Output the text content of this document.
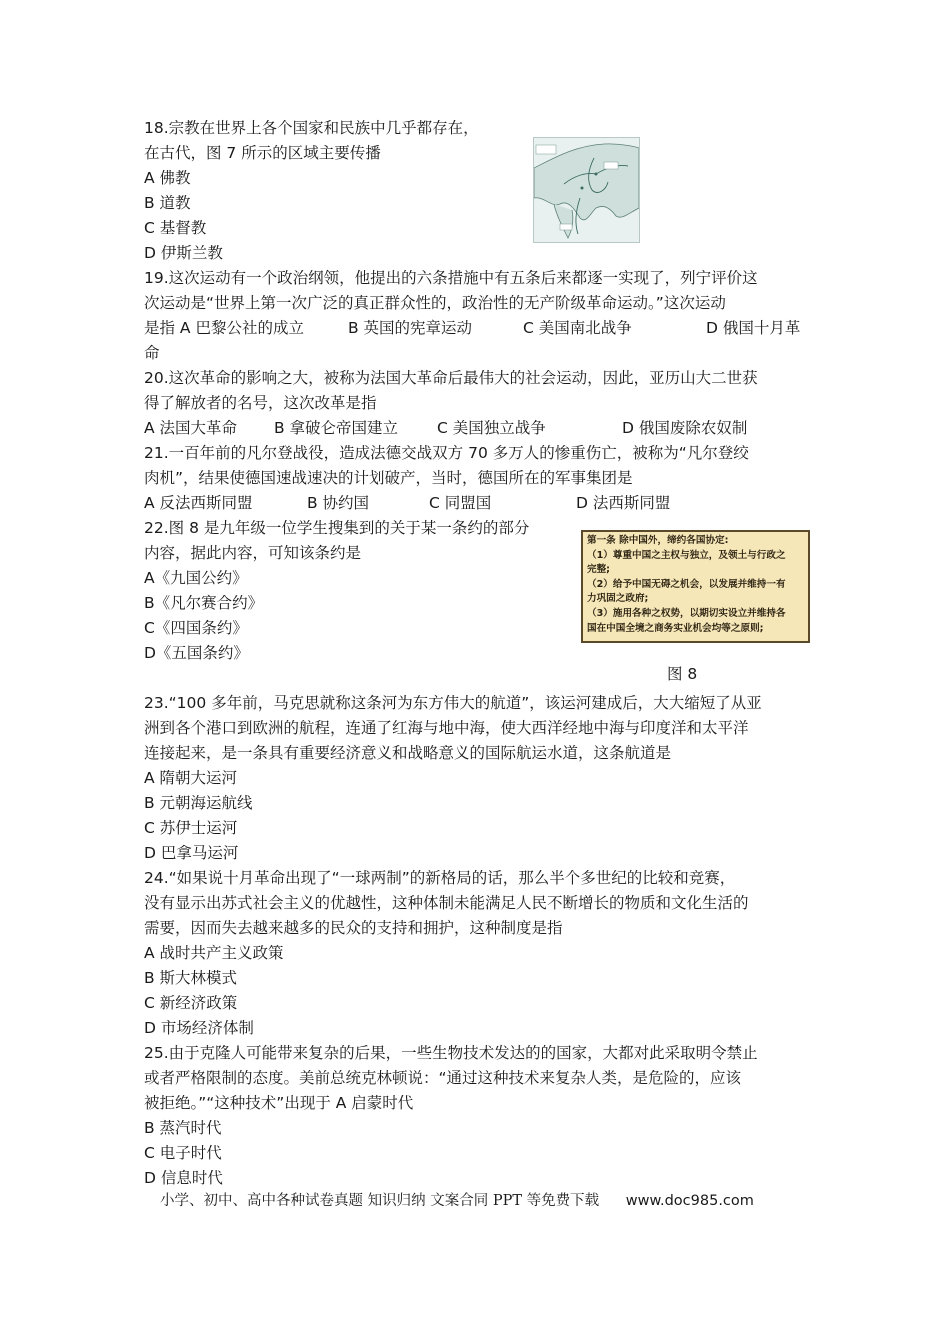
18.宗教在世界上各个国家和民族中几乎都存在，
在古代，图 7 所示的区域主要传播
A 佛教
B 道教
C 基督教
D 伊斯兰教
19.这次运动有一个政治纲领，他提出的六条措施中有五条后来都逐一实现了，列宁评价这
次运动是“世界上第一次广泛的真正群众性的，政治性的无产阶级革命运动。”这次运动
是指 A 巴黎公社的成立	B 英国的宪章运动	C 美国南北战争	D 俄国十月革
命
20.这次革命的影响之大，被称为法国大革命后最伟大的社会运动，因此，亚历山大二世获
得了解放者的名号，这次改革是指
A 法国大革命	B 拿破仑帝国建立	C 美国独立战争	D 俄国废除农奴制
21.一百年前的凡尔登战役，造成法德交战双方 70 多万人的惨重伤亡，被称为“凡尔登绞
肉机”，结果使德国速战速决的计划破产，当时，德国所在的军事集团是
A 反法西斯同盟	B 协约国	C 同盟国	D 法西斯同盟
22.图 8 是九年级一位学生搜集到的关于某一条约的部分
内容，据此内容，可知该条约是
A《九国公约》
B《凡尔赛合约》
C《四国条约》
D《五国条约》
23.“100 多年前，马克思就称这条河为东方伟大的航道”，该运河建成后，大大缩短了从亚
洲到各个港口到欧洲的航程，连通了红海与地中海，使大西洋经地中海与印度洋和太平洋
连接起来，是一条具有重要经济意义和战略意义的国际航运水道，这条航道是
A 隋朝大运河
B 元朝海运航线
C 苏伊士运河
D 巴拿马运河
24.“如果说十月革命出现了“一球两制”的新格局的话，那么半个多世纪的比较和竞赛，
没有显示出苏式社会主义的优越性，这种体制未能满足人民不断增长的物质和文化生活的
需要，因而失去越来越多的民众的支持和拥护，这种制度是指
A 战时共产主义政策
B 斯大林模式
C 新经济政策
D 市场经济体制
25.由于克隆人可能带来复杂的后果，一些生物技术发达的的国家，大都对此采取明令禁止
或者严格限制的态度。美前总统克林顿说：“通过这种技术来复杂人类，是危险的，应该
被拒绝。”“这种技术”出现于 A 启蒙时代
B 蒸汽时代
C 电子时代
D 信息时代
第一条 除中国外，缔约各国协定:
（1）尊重中国之主权与独立，及领土与行政之
完整;
（2）给予中国无碍之机会，以发展并维持一有
力巩固之政府;
（3）施用各种之权势，以期切实设立并维持各
国在中国全境之商务实业机会均等之原则;
图 8
小学、初中、高中各种试卷真题 知识归纳 文案合同 PPT 等免费下载 www.doc985.com
